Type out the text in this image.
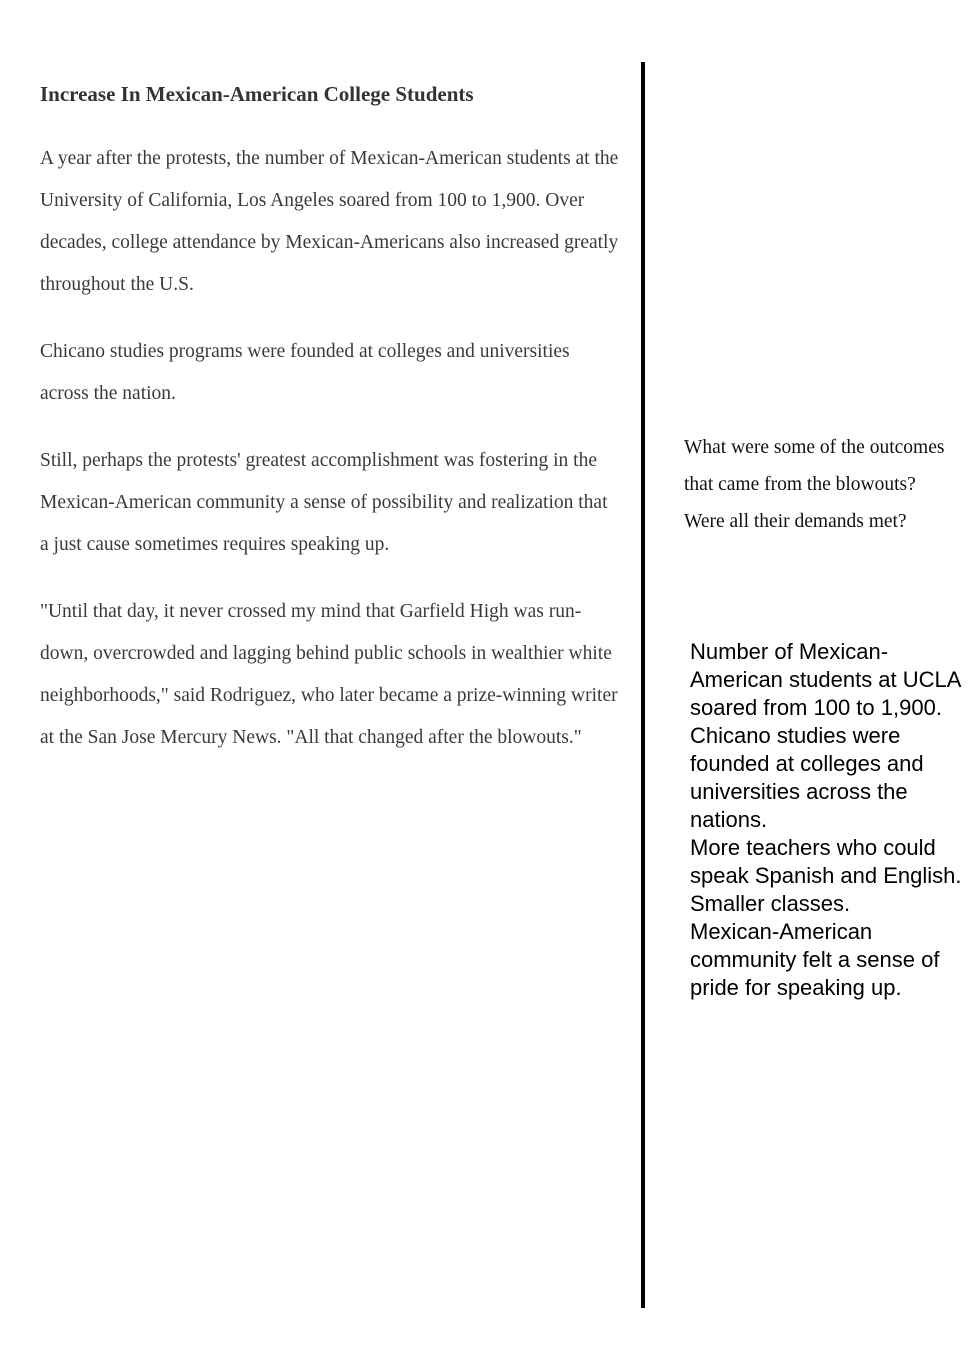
Increase In Mexican-American College Students

A year after the protests, the number of Mexican-American students at the University of California, Los Angeles soared from 100 to 1,900. Over decades, college attendance by Mexican-Americans also increased greatly throughout the U.S.

Chicano studies programs were founded at colleges and universities across the nation.

Still, perhaps the protests' greatest accomplishment was fostering in the Mexican-American community a sense of possibility and realization that a just cause sometimes requires speaking up.

"Until that day, it never crossed my mind that Garfield High was run-down, overcrowded and lagging behind public schools in wealthier white neighborhoods," said Rodriguez, who later became a prize-winning writer at the San Jose Mercury News. "All that changed after the blowouts."

What were some of the outcomes that came from the blowouts? Were all their demands met?
Number of Mexican-American students at UCLA soared from 100 to 1,900.
Chicano studies were founded at colleges and universities across the nations.
More teachers who could speak Spanish and English. Smaller classes.
Mexican-American community felt a sense of pride for speaking up.
